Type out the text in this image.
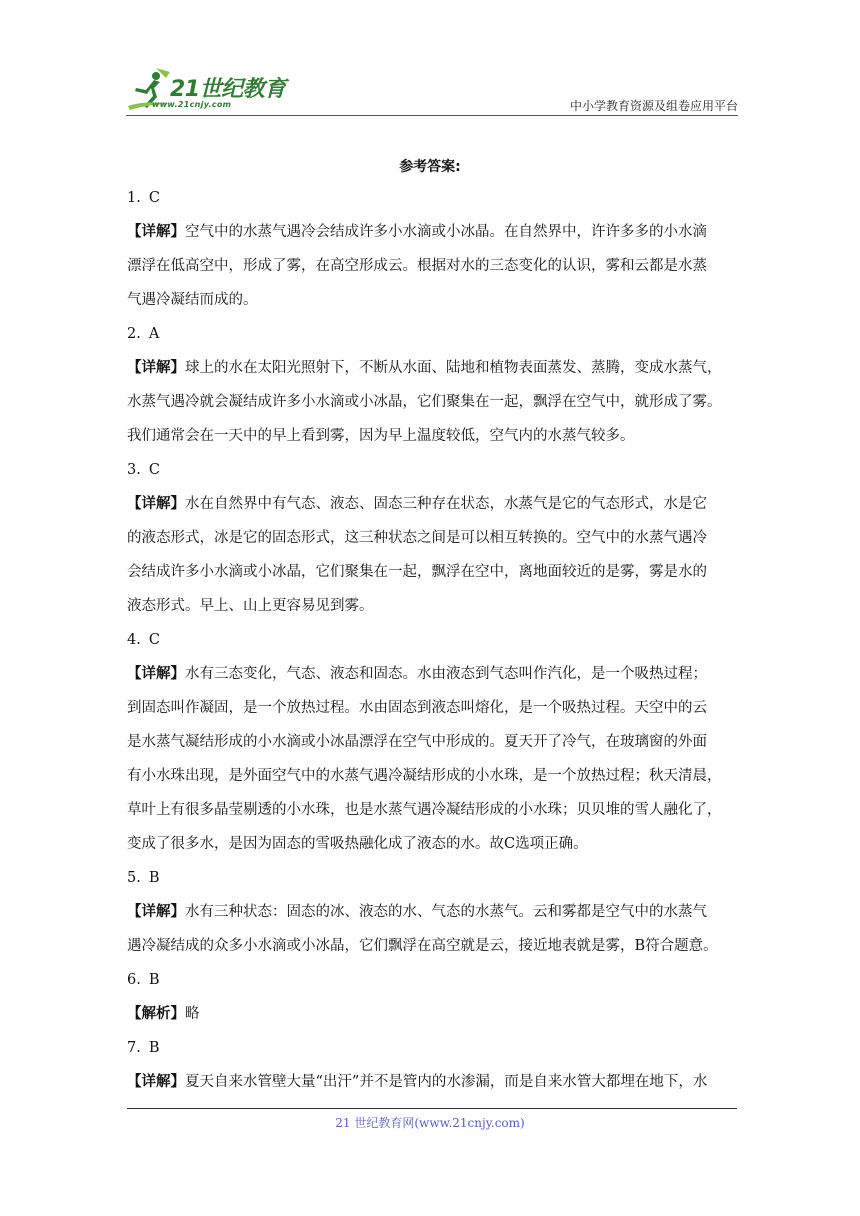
21世纪教育
www.21cnjy.com	中小学教育资源及组卷应用平台
参考答案:
1. C
【详解】空气中的水蒸气遇冷会结成许多小水滴或小冰晶。在自然界中，许许多多的小水滴
漂浮在低高空中，形成了雾，在高空形成云。根据对水的三态变化的认识，雾和云都是水蒸
气遇冷凝结而成的。
2. A
【详解】球上的水在太阳光照射下，不断从水面、陆地和植物表面蒸发、蒸腾，变成水蒸气，
水蒸气遇冷就会凝结成许多小水滴或小冰晶，它们聚集在一起，飘浮在空气中，就形成了雾。
我们通常会在一天中的早上看到雾，因为早上温度较低，空气内的水蒸气较多。
3. C
【详解】水在自然界中有气态、液态、固态三种存在状态，水蒸气是它的气态形式，水是它
的液态形式，冰是它的固态形式，这三种状态之间是可以相互转换的。空气中的水蒸气遇冷
会结成许多小水滴或小冰晶，它们聚集在一起，飘浮在空中，离地面较近的是雾，雾是水的
液态形式。早上、山上更容易见到雾。
4. C
【详解】水有三态变化，气态、液态和固态。水由液态到气态叫作汽化，是一个吸热过程；
到固态叫作凝固，是一个放热过程。水由固态到液态叫熔化，是一个吸热过程。天空中的云
是水蒸气凝结形成的小水滴或小冰晶漂浮在空气中形成的。夏天开了冷气，在玻璃窗的外面
有小水珠出现，是外面空气中的水蒸气遇冷凝结形成的小水珠，是一个放热过程；秋天清晨，
草叶上有很多晶莹剔透的小水珠，也是水蒸气遇冷凝结形成的小水珠；贝贝堆的雪人融化了，
变成了很多水，是因为固态的雪吸热融化成了液态的水。故C选项正确。
5. B
【详解】水有三种状态：固态的冰、液态的水、气态的水蒸气。云和雾都是空气中的水蒸气
遇冷凝结成的众多小水滴或小冰晶，它们飘浮在高空就是云，接近地表就是雾，B符合题意。
6. B
【解析】略
7. B
【详解】夏天自来水管壁大量“出汗”并不是管内的水渗漏，而是自来水管大都埋在地下，水
21 世纪教育网(www.21cnjy.com)
